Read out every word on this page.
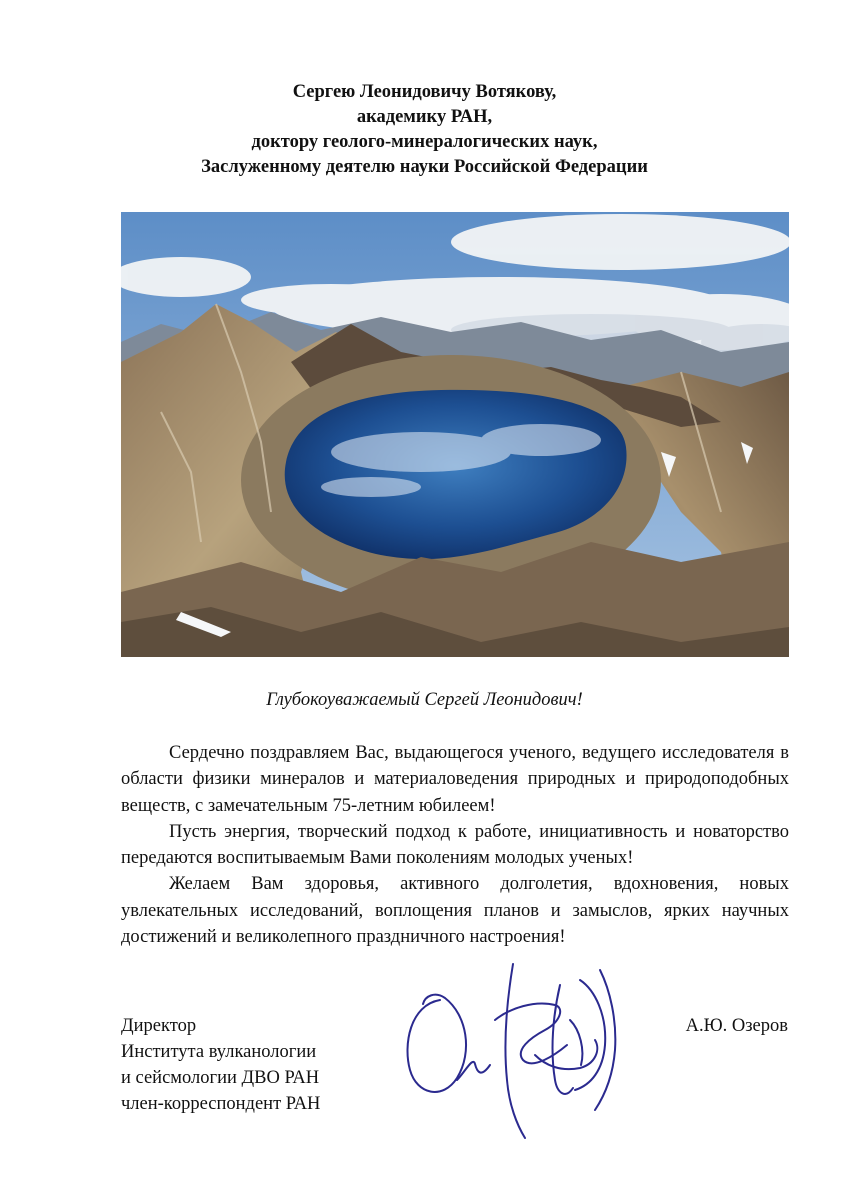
Сергею Леонидовичу Вотякову,
академику РАН,
доктору геолого-минералогических наук,
Заслуженному деятелю науки Российской Федерации
Глубокоуважаемый Сергей Леонидович!

Сердечно поздравляем Вас, выдающегося ученого, ведущего исследователя в области физики минералов и материаловедения природных и природоподобных веществ, с замечательным 75-летним юбилеем!

Пусть энергия, творческий подход к работе, инициативность и новаторство передаются воспитываемым Вами поколениям молодых ученых!

Желаем Вам здоровья, активного долголетия, вдохновения, новых увлекательных исследований, воплощения планов и замыслов, ярких научных достижений и великолепного праздничного настроения!

Директор
Института вулканологии
и сейсмологии ДВО РАН
член-корреспондент РАН
А.Ю. Озеров
